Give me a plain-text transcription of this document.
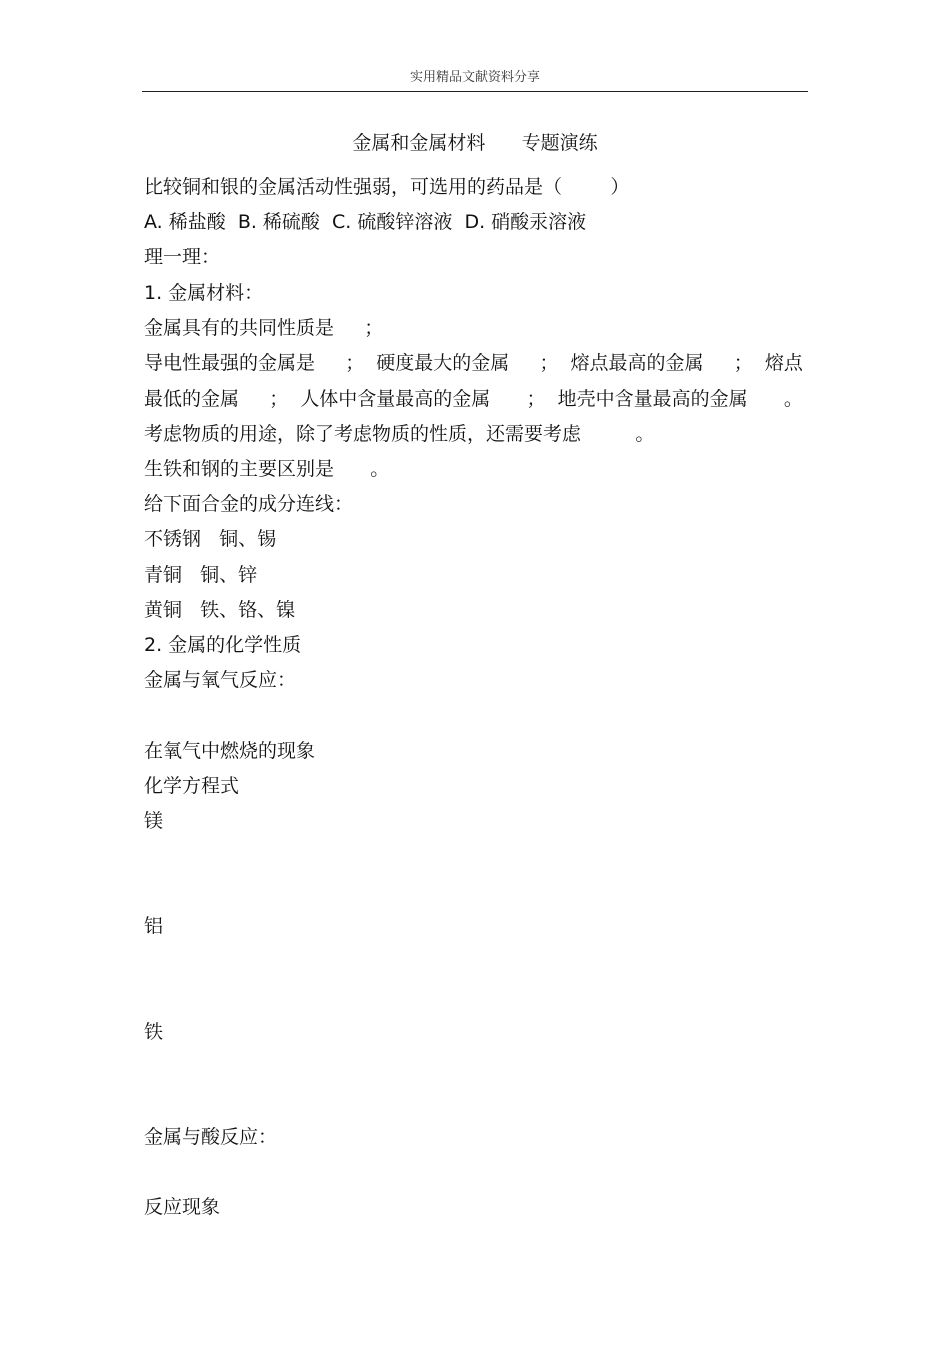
实用精品文献资料分享
金属和金属材料      专题演练
比较铜和银的金属活动性强弱，可选用的药品是（        ）
A. 稀盐酸  B. 稀硫酸  C. 硫酸锌溶液  D. 硝酸汞溶液
理一理：
1. 金属材料：
金属具有的共同性质是     ；
导电性最强的金属是     ；  硬度最大的金属     ；  熔点最高的金属     ；  熔点
最低的金属     ；  人体中含量最高的金属      ；  地壳中含量最高的金属      。
考虑物质的用途，除了考虑物质的性质，还需要考虑         。
生铁和钢的主要区别是      。
给下面合金的成分连线：
不锈钢   铜、锡
青铜   铜、锌
黄铜   铁、铬、镍
2. 金属的化学性质
金属与氧气反应：
在氧气中燃烧的现象
化学方程式
镁
铝
铁
金属与酸反应：
反应现象
